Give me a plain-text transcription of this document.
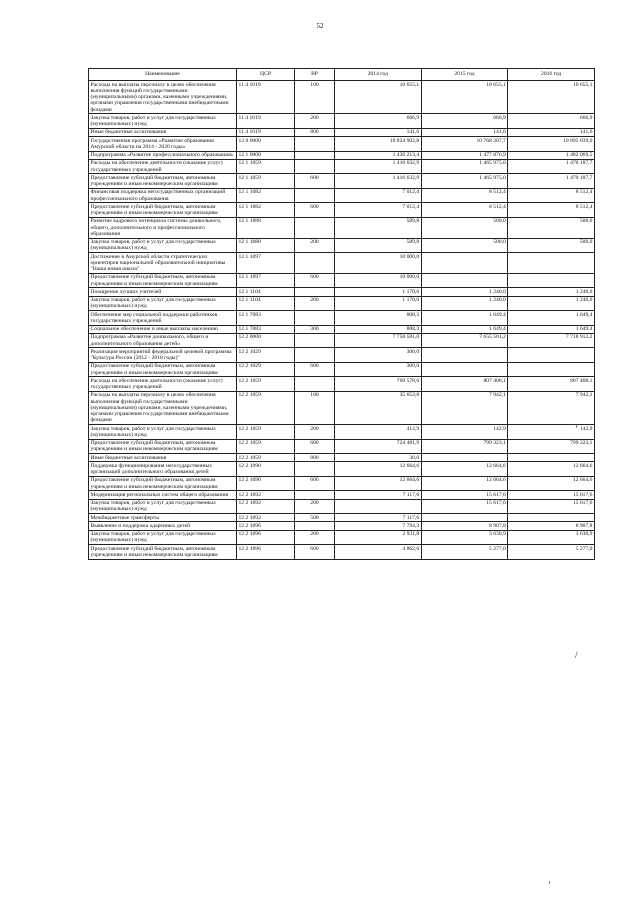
52
Наименование	ЦСР	ВР	2014 год	2015 год	2016 год
Расходы на выплаты персоналу в целях обеспечения выполнения функций государственными (муниципальными) органами, казенными учреждениями, органами управления государственными внебюджетными фондами	11 4 1019	100	10 655,1	10 655,1	10 655,1
Закупка товаров, работ и услуг для государственных (муниципальных) нужд	11 4 1019	200	666,9	666,9	666,9
Иные бюджетные ассигнования	11 4 1019	800	141,6	141,6	141,6
Государственная программа «Развитие образования Амурской области на 2014 - 2020 годы»	12 0 0000		10 824 902,8	10 768 207,7	10 895 039,0
Подпрограмма «Развитие профессионального образования»	12 1 0000		1 436 213,4	1 477 876,9	1 482 069,5
Расходы на обеспечение деятельности (оказание услуг) государственных учреждений	12 1 1059		1 416 632,9	1 465 975,0	1 470 187,7
Предоставление субсидий бюджетным, автономным учреждениям и иным некоммерческим организациям	12 1 1059	600	1 416 632,9	1 465 975,0	1 470 187,7
Финансовая поддержка негосударственных организаций профессионального образования	12 1 1082		7 012,4	8 512,4	8 512,4
Предоставление субсидий бюджетным, автономным учреждениям и иным некоммерческим организациям	12 1 1082	600	7 012,4	8 512,4	8 512,4
Развитие кадрового потенциала системы дошкольного, общего, дополнительного и профессионального образования	12 1 1088		589,8	500,0	500,0
Закупка товаров, работ и услуг для государственных (муниципальных) нужд	12 1 1088	200	589,8	500,0	500,0
Достижение в Амурской области стратегических ориентиров национальной образовательной инициативы "Наша новая школа"	12 1 1097		10 000,0		
Предоставление субсидий бюджетным, автономным учреждениям и иным некоммерческим организациям	12 1 1097	600	10 000,0		
Поощрение лучших учителей	12 1 1104		1 170,0	1 240,0	1 240,0
Закупка товаров, работ и услуг для государственных (муниципальных) нужд	12 1 1104	200	1 170,0	1 240,0	1 240,0
Обеспечение мер социальной поддержки работников государственных учреждений	12 1 7083		808,3	1 649,4	1 649,4
Социальное обеспечение и иные выплаты населению	12 1 7083	300	808,3	1 649,4	1 649,4
Подпрограмма «Развитие дошкольного, общего и дополнительного образования детей»	12 2 0000		7 758 581,0	7 655 501,2	7 718 912,2
Реализация мероприятий федеральной целевой программы "Культура России (2012 - 2018 годы)"	12 2 1029		300,0		
Предоставление субсидий бюджетным, автономным учреждениям и иным некоммерческим организациям	12 2 1029	600	300,0		
Расходы на обеспечение деятельности (оказание услуг) государственных учреждений	12 2 1059		760 578,6	807 408,1	807 408,1
Расходы на выплаты персоналу в целях обеспечения выполнения функций государственными (муниципальными) органами, казенными учреждениями, органами управления государственными внебюджетными фондами	12 2 1059	100	35 653,8	7 942,1	7 942,1
Закупка товаров, работ и услуг для государственных (муниципальных) нужд	12 2 1059	200	412,9	142,9	142,9
Предоставление субсидий бюджетным, автономным учреждениям и иным некоммерческим организациям	12 2 1059	600	724 481,9	799 323,1	799 323,1
Иные бюджетные ассигнования	12 2 1059	800	30,0		
Поддержка функционирования негосударственных организаций дополнительного образования детей	12 2 1090		12 664,6	12 664,6	12 664,6
Предоставление субсидий бюджетным, автономным учреждениям и иным некоммерческим организациям	12 2 1090	600	12 664,6	12 664,6	12 664,6
Модернизация региональных систем общего образования	12 2 1092		7 117,6	15 617,6	15 617,6
Закупка товаров, работ и услуг для государственных (муниципальных) нужд	12 2 1092	200		15 617,6	15 617,6
Межбюджетные трансферты	12 2 1092	500	7 117,6		
Выявление и поддержка одаренных детей	12 2 1096		7 794,3	8 907,8	8 907,8
Закупка товаров, работ и услуг для государственных (муниципальных) нужд	12 2 1096	200	2 931,8	3 630,9	3 630,9
Предоставление субсидий бюджетным, автономным учреждениям и иным некоммерческим организациям	12 2 1096	600	4 862,6	5 277,0	5 277,0
ʼ
/
ʼ
